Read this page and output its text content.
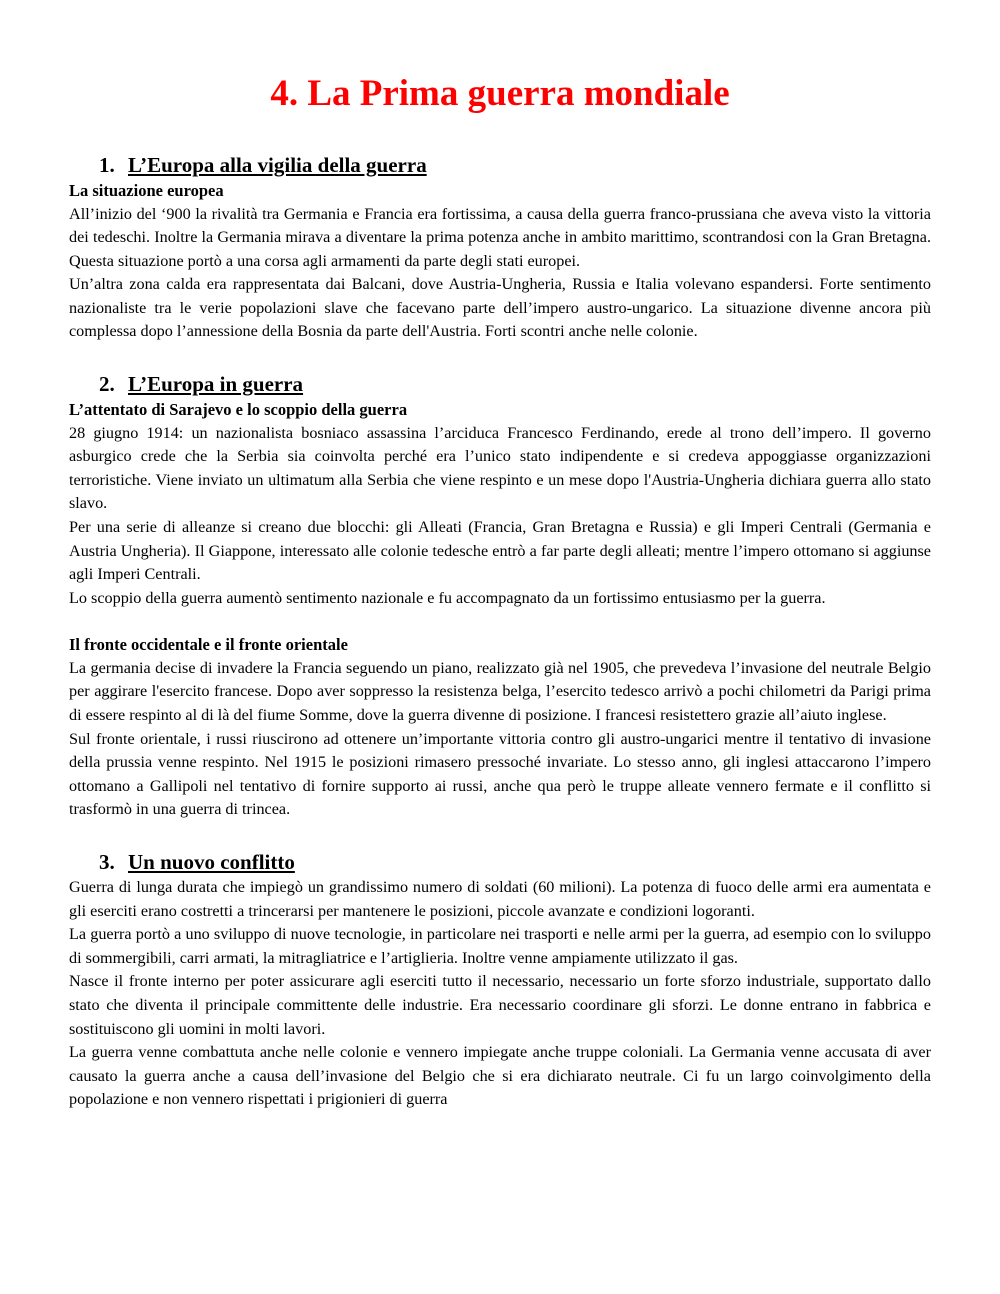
4. La Prima guerra mondiale
1. L’Europa alla vigilia della guerra
La situazione europea

All’inizio del ‘900 la rivalità tra Germania e Francia era fortissima, a causa della guerra franco-prussiana che aveva visto la vittoria dei tedeschi. Inoltre la Germania mirava a diventare la prima potenza anche in ambito marittimo, scontrandosi con la Gran Bretagna. Questa situazione portò a una corsa agli armamenti da parte degli stati europei.

Un’altra zona calda era rappresentata dai Balcani, dove Austria-Ungheria, Russia e Italia volevano espandersi. Forte sentimento nazionaliste tra le verie popolazioni slave che facevano parte dell’impero austro-ungarico. La situazione divenne ancora più complessa dopo l’annessione della Bosnia da parte dell'Austria. Forti scontri anche nelle colonie.

2. L’Europa in guerra
L’attentato di Sarajevo e lo scoppio della guerra

28 giugno 1914: un nazionalista bosniaco assassina l’arciduca Francesco Ferdinando, erede al trono dell’impero. Il governo asburgico crede che la Serbia sia coinvolta perché era l’unico stato indipendente e si credeva appoggiasse organizzazioni terroristiche. Viene inviato un ultimatum alla Serbia che viene respinto e un mese dopo l'Austria-Ungheria dichiara guerra allo stato slavo.

Per una serie di alleanze si creano due blocchi: gli Alleati (Francia, Gran Bretagna e Russia) e gli Imperi Centrali (Germania e Austria Ungheria). Il Giappone, interessato alle colonie tedesche entrò a far parte degli alleati; mentre l’impero ottomano si aggiunse agli Imperi Centrali.

Lo scoppio della guerra aumentò sentimento nazionale e fu accompagnato da un fortissimo entusiasmo per la guerra.

Il fronte occidentale e il fronte orientale

La germania decise di invadere la Francia seguendo un piano, realizzato già nel 1905, che prevedeva l’invasione del neutrale Belgio per aggirare l'esercito francese. Dopo aver soppresso la resistenza belga, l’esercito tedesco arrivò a pochi chilometri da Parigi prima di essere respinto al di là del fiume Somme, dove la guerra divenne di posizione. I francesi resistettero grazie all’aiuto inglese.

Sul fronte orientale, i russi riuscirono ad ottenere un’importante vittoria contro gli austro-ungarici mentre il tentativo di invasione della prussia venne respinto. Nel 1915 le posizioni rimasero pressoché invariate. Lo stesso anno, gli inglesi attaccarono l’impero ottomano a Gallipoli nel tentativo di fornire supporto ai russi, anche qua però le truppe alleate vennero fermate e il conflitto si trasformò in una guerra di trincea.

3. Un nuovo conflitto

Guerra di lunga durata che impiegò un grandissimo numero di soldati (60 milioni). La potenza di fuoco delle armi era aumentata e gli eserciti erano costretti a trincerarsi per mantenere le posizioni, piccole avanzate e condizioni logoranti.

La guerra portò a uno sviluppo di nuove tecnologie, in particolare nei trasporti e nelle armi per la guerra, ad esempio con lo sviluppo di sommergibili, carri armati, la mitragliatrice e l’artiglieria. Inoltre venne ampiamente utilizzato il gas.

Nasce il fronte interno per poter assicurare agli eserciti tutto il necessario, necessario un forte sforzo industriale, supportato dallo stato che diventa il principale committente delle industrie. Era necessario coordinare gli sforzi. Le donne entrano in fabbrica e sostituiscono gli uomini in molti lavori.

La guerra venne combattuta anche nelle colonie e vennero impiegate anche truppe coloniali. La Germania venne accusata di aver causato la guerra anche a causa dell’invasione del Belgio che si era dichiarato neutrale. Ci fu un largo coinvolgimento della popolazione e non vennero rispettati i prigionieri di guerra
